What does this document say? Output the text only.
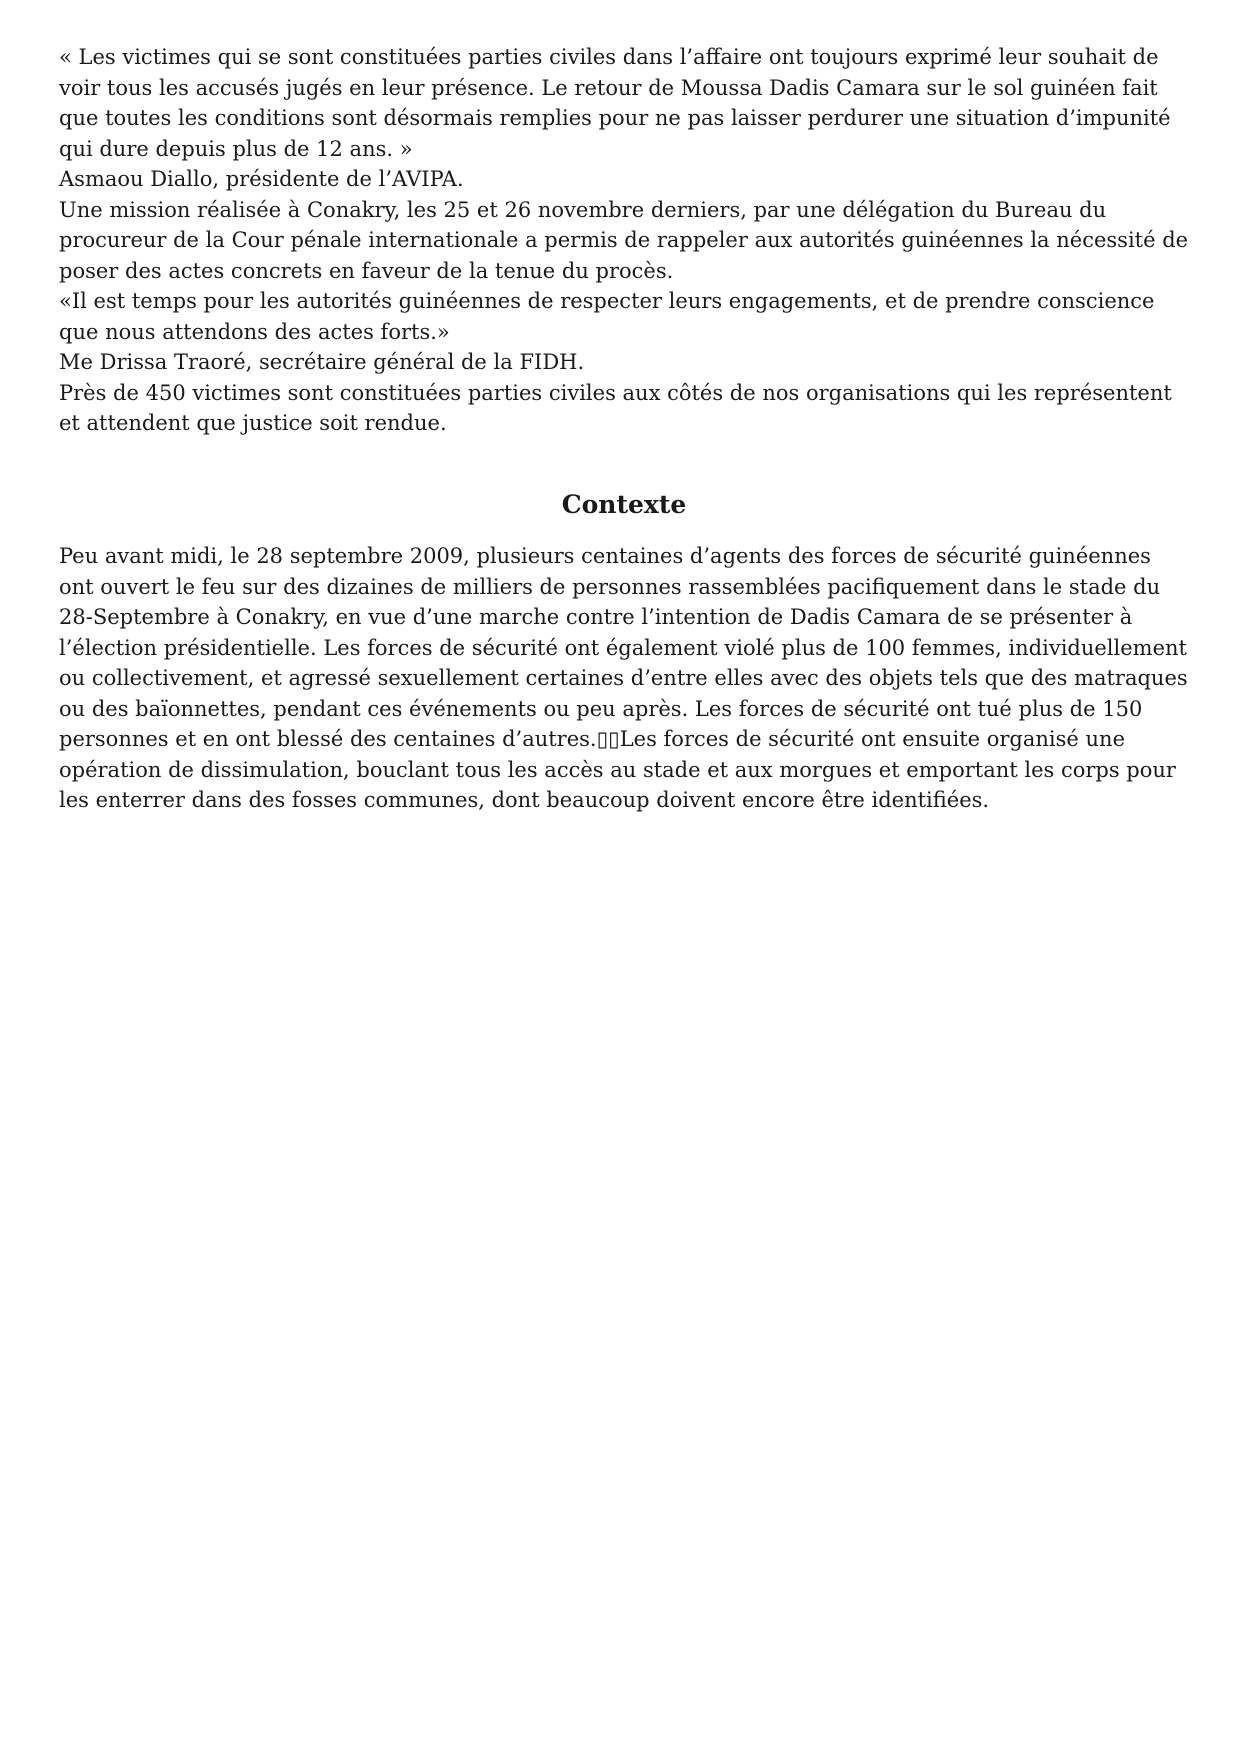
« Les victimes qui se sont constituées parties civiles dans l’affaire ont toujours exprimé leur souhait de voir tous les accusés jugés en leur présence. Le retour de Moussa Dadis Camara sur le sol guinéen fait que toutes les conditions sont désormais remplies pour ne pas laisser perdurer une situation d’impunité qui dure depuis plus de 12 ans. »

Asmaou Diallo, présidente de l’AVIPA.

Une mission réalisée à Conakry, les 25 et 26 novembre derniers, par une délégation du Bureau du procureur de la Cour pénale internationale a permis de rappeler aux autorités guinéennes la nécessité de poser des actes concrets en faveur de la tenue du procès.

«Il est temps pour les autorités guinéennes de respecter leurs engagements, et de prendre conscience que nous attendons des actes forts.»

Me Drissa Traoré, secrétaire général de la FIDH.

Près de 450 victimes sont constituées parties civiles aux côtés de nos organisations qui les représentent et attendent que justice soit rendue.

Contexte

Peu avant midi, le 28 septembre 2009, plusieurs centaines d’agents des forces de sécurité guinéennes ont ouvert le feu sur des dizaines de milliers de personnes rassemblées pacifiquement dans le stade du 28-Septembre à Conakry, en vue d’une marche contre l’intention de Dadis Camara de se présenter à l’élection présidentielle. Les forces de sécurité ont également violé plus de 100 femmes, individuellement ou collectivement, et agressé sexuellement certaines d’entre elles avec des objets tels que des matraques ou des baïonnettes, pendant ces événements ou peu après. Les forces de sécurité ont tué plus de 150 personnes et en ont blessé des centaines d’autres.▯▯Les forces de sécurité ont ensuite organisé une opération de dissimulation, bouclant tous les accès au stade et aux morgues et emportant les corps pour les enterrer dans des fosses communes, dont beaucoup doivent encore être identifiées.
